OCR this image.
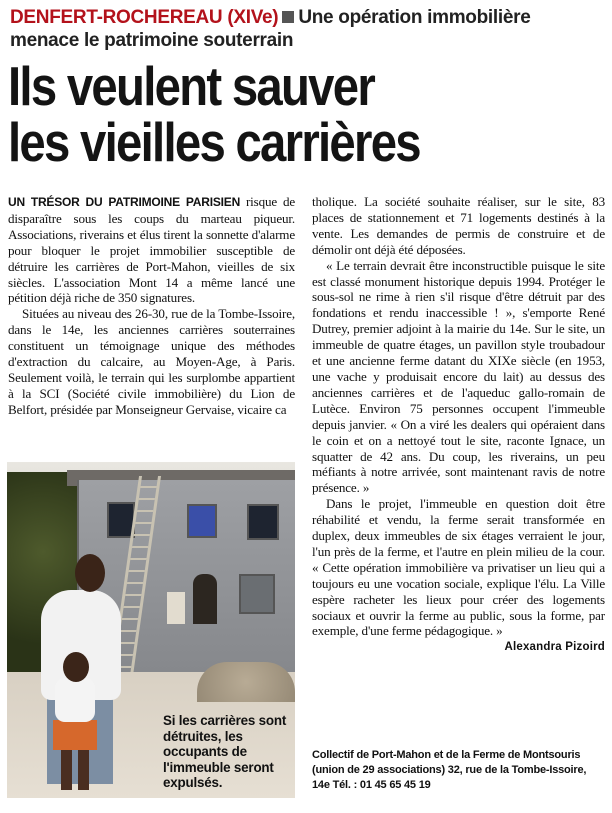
DENFERT-ROCHEREAU (XIVe) Une opération immobilière
menace le patrimoine souterrain
Ils veulent sauver
les vieilles carrières

UN TRÉSOR DU PATRIMOINE PARISIEN risque de disparaître sous les coups du marteau piqueur. Associations, riverains et élus tirent la sonnette d'alarme pour bloquer le projet immobilier susceptible de détruire les carrières de Port-Mahon, vieilles de six siècles. L'association Mont 14 a même lancé une pétition déjà riche de 350 signatures.

Situées au niveau des 26-30, rue de la Tombe-Issoire, dans le 14e, les anciennes carrières souterraines constituent un témoignage unique des méthodes d'extraction du calcaire, au Moyen-Age, à Paris. Seulement voilà, le terrain qui les surplombe appartient à la SCI (Société civile immobilière) du Lion de Belfort, présidée par Monseigneur Gervaise, vicaire ca

Si les carrières sont détruites, les occupants de l'immeuble seront expulsés.

tholique. La société souhaite réaliser, sur le site, 83 places de stationnement et 71 logements destinés à la vente. Les demandes de permis de construire et de démolir ont déjà été déposées.

« Le terrain devrait être inconstructible puisque le site est classé monument historique depuis 1994. Protéger le sous-sol ne rime à rien s'il risque d'être détruit par des fondations et rendu inaccessible ! », s'emporte René Dutrey, premier adjoint à la mairie du 14e. Sur le site, un immeuble de quatre étages, un pavillon style troubadour et une ancienne ferme datant du XIXe siècle (en 1953, une vache y produisait encore du lait) au dessus des anciennes carrières et de l'aqueduc gallo-romain de Lutèce. Environ 75 personnes occupent l'immeuble depuis janvier. « On a viré les dealers qui opéraient dans le coin et on a nettoyé tout le site, raconte Ignace, un squatter de 42 ans. Du coup, les riverains, un peu méfiants à notre arrivée, sont maintenant ravis de notre présence. »

Dans le projet, l'immeuble en question doit être réhabilité et vendu, la ferme serait transformée en duplex, deux immeubles de six étages verraient le jour, l'un près de la ferme, et l'autre en plein milieu de la cour. « Cette opération immobilière va privatiser un lieu qui a toujours eu une vocation sociale, explique l'élu. La Ville espère racheter les lieux pour créer des logements sociaux et ouvrir la ferme au public, sous la forme, par exemple, d'une ferme pédagogique. »

Alexandra Pizoird

Collectif de Port-Mahon et de la Ferme de Montsouris

(union de 29 associations) 32, rue de la Tombe-Issoire,

14e Tél. : 01 45 65 45 19
